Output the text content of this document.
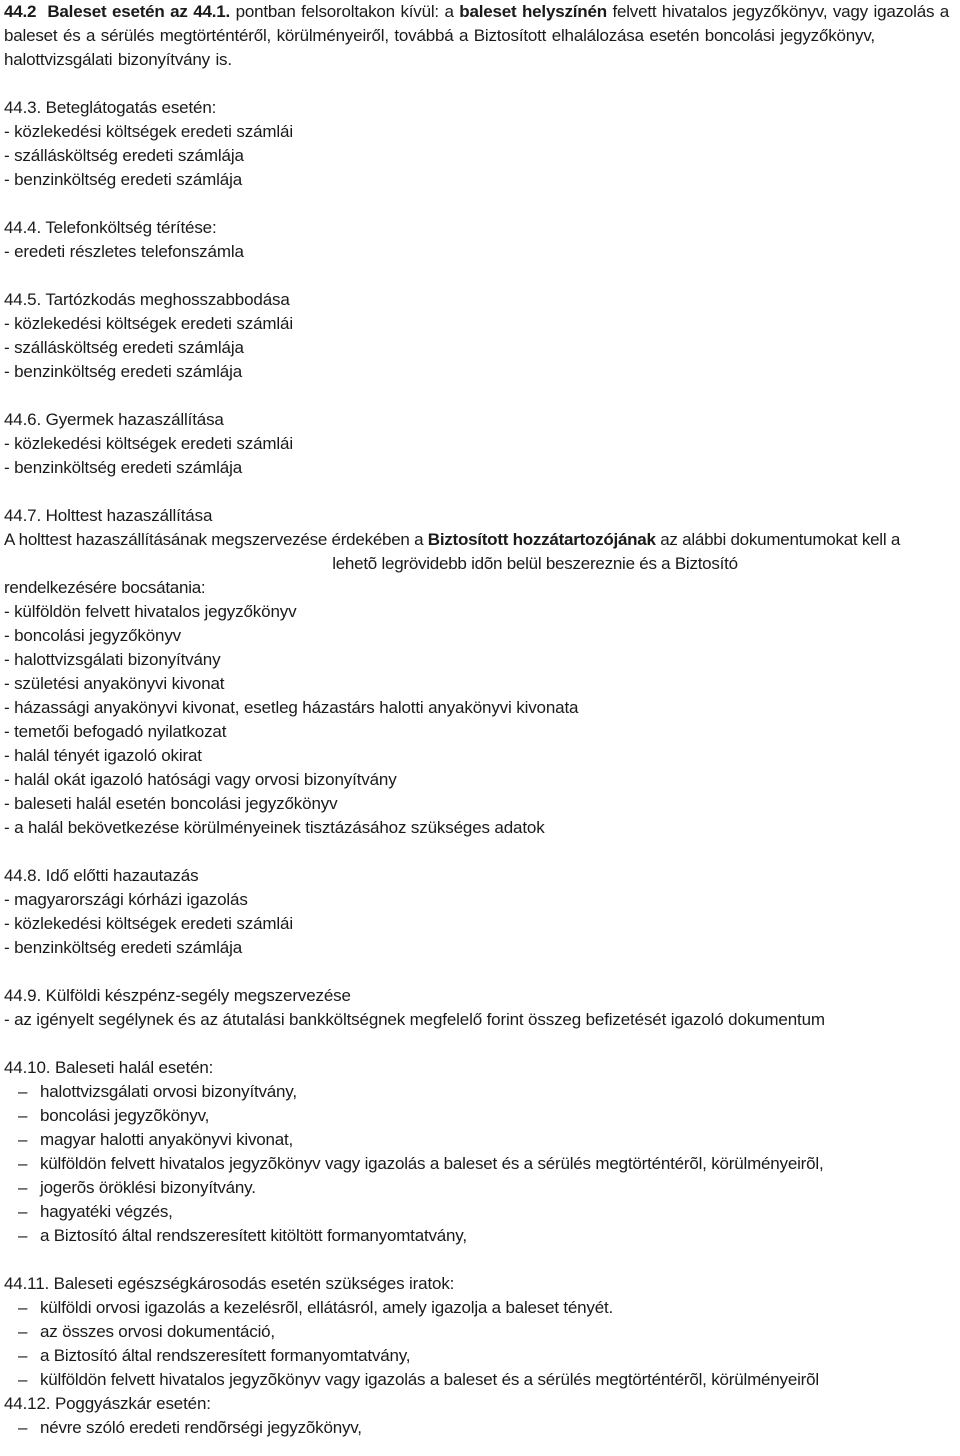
44.2 Baleset esetén az 44.1. pontban felsoroltakon kívül: a baleset helyszínén felvett hivatalos jegyzőkönyv, vagy igazolás a baleset és a sérülés megtörténtéről, körülményeiről, továbbá a Biztosított elhalálozása esetén boncolási jegyzőkönyv, halottvizsgálati bizonyítvány is.
44.3. Beteglátogatás esetén:
- közlekedési költségek eredeti számlái
- szállásköltség eredeti számlája
- benzinköltség eredeti számlája
44.4. Telefonköltség térítése:
- eredeti részletes telefonszámla
44.5. Tartózkodás meghosszabbodása
- közlekedési költségek eredeti számlái
- szállásköltség eredeti számlája
- benzinköltség eredeti számlája
44.6. Gyermek hazaszállítása
- közlekedési költségek eredeti számlái
- benzinköltség eredeti számlája
44.7. Holttest hazaszállítása
A holttest hazaszállításának megszervezése érdekében a Biztosított hozzátartozójának az alábbi dokumentumokat kell a
lehetõ legrövidebb idõn belül beszereznie és a Biztosító
rendelkezésére bocsátania:
- külföldön felvett hivatalos jegyzőkönyv
- boncolási jegyzőkönyv
- halottvizsgálati bizonyítvány
- születési anyakönyvi kivonat
- házassági anyakönyvi kivonat, esetleg házastárs halotti anyakönyvi kivonata
- temetői befogadó nyilatkozat
- halál tényét igazoló okirat
- halál okát igazoló hatósági vagy orvosi bizonyítvány
- baleseti halál esetén boncolási jegyzőkönyv
- a halál bekövetkezése körülményeinek tisztázásához szükséges adatok
44.8. Idő előtti hazautazás
- magyarországi kórházi igazolás
- közlekedési költségek eredeti számlái
- benzinköltség eredeti számlája
44.9. Külföldi készpénz-segély megszervezése
- az igényelt segélynek és az átutalási bankköltségnek megfelelő forint összeg befizetését igazoló dokumentum
44.10. Baleseti halál esetén:
– halottvizsgálati orvosi bizonyítvány,
– boncolási jegyzõkönyv,
– magyar halotti anyakönyvi kivonat,
– külföldön felvett hivatalos jegyzõkönyv vagy igazolás a baleset és a sérülés megtörténtérõl, körülményeirõl,
– jogerõs öröklési bizonyítvány.
– hagyatéki végzés,
– a Biztosító által rendszeresített kitöltött formanyomtatvány,
44.11. Baleseti egészségkárosodás esetén szükséges iratok:
– külföldi orvosi igazolás a kezelésrõl, ellátásról, amely igazolja a baleset tényét.
– az összes orvosi dokumentáció,
– a Biztosító által rendszeresített formanyomtatvány,
– külföldön felvett hivatalos jegyzõkönyv vagy igazolás a baleset és a sérülés megtörténtérõl, körülményeirõl
44.12. Poggyászkár esetén:
– névre szóló eredeti rendõrségi jegyzõkönyv,
